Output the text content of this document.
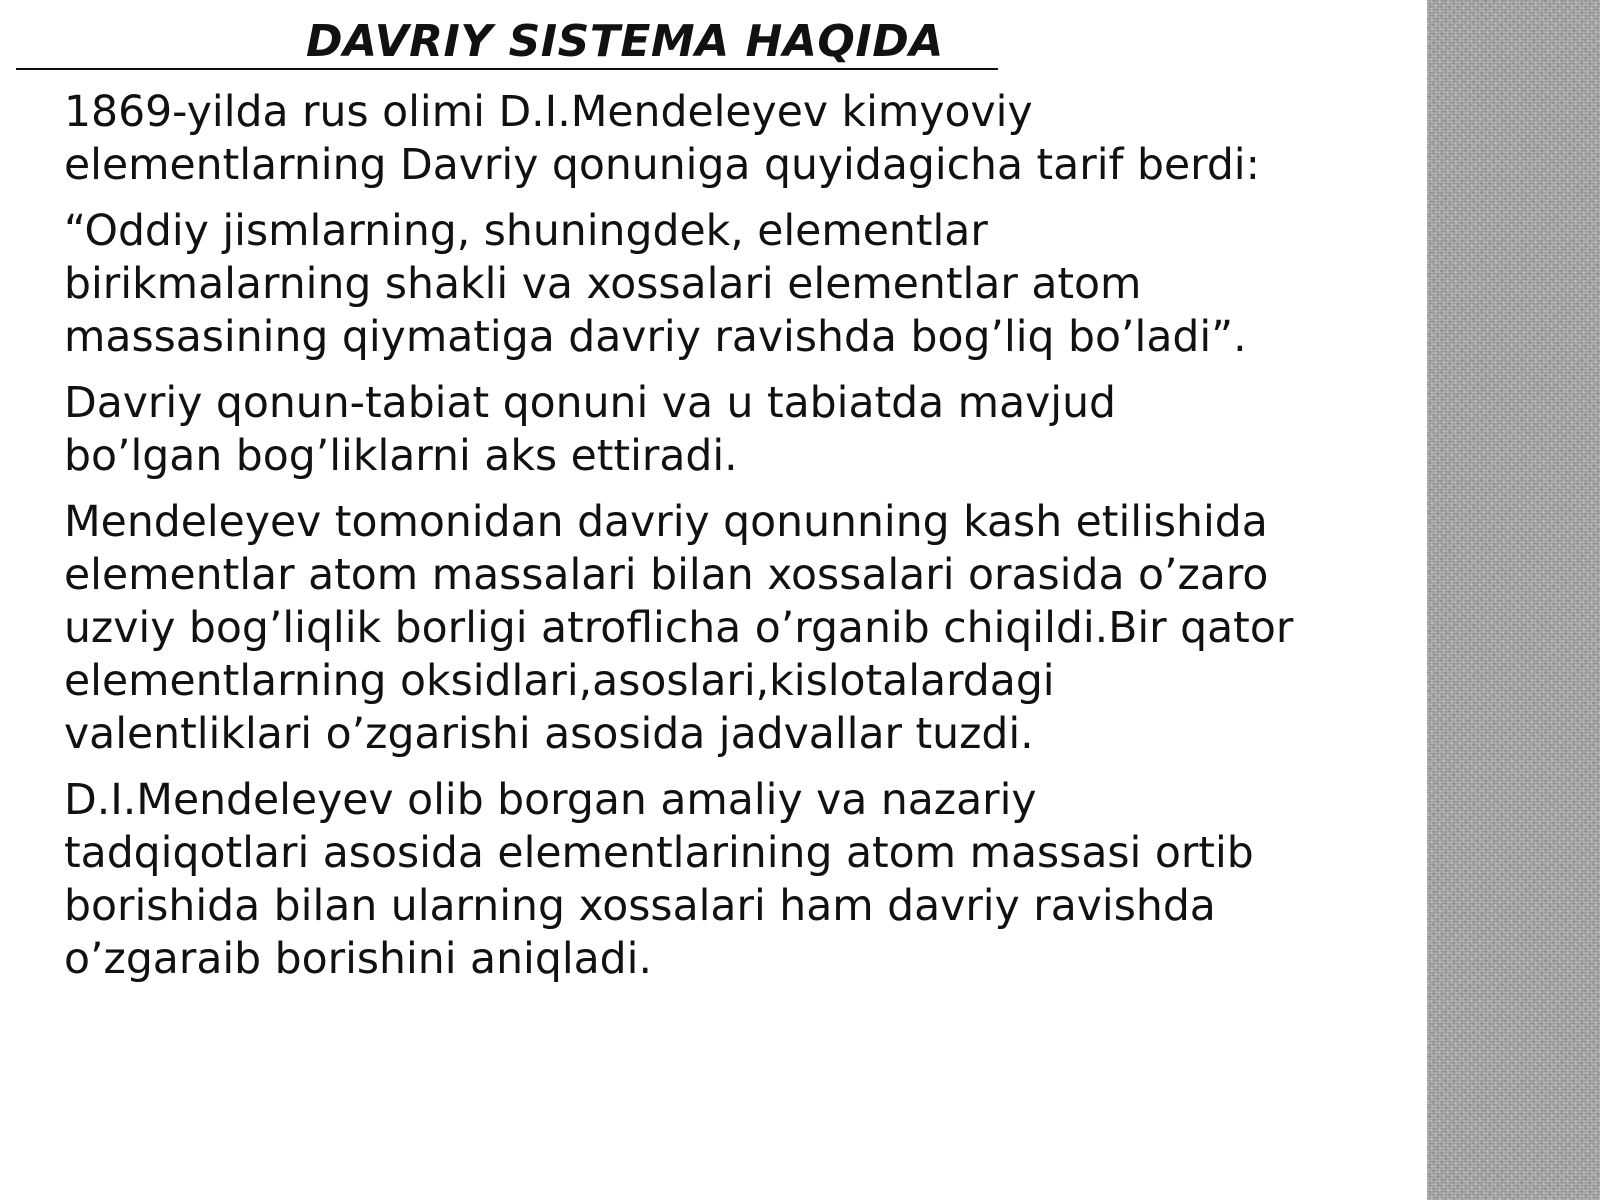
DAVRIY SISTEMA HAQIDA

1869-yilda rus olimi D.I.Mendeleyev kimyoviy
elementlarning Davriy qonuniga quyidagicha tarif berdi:

“Oddiy jismlarning, shuningdek, elementlar
birikmalarning shakli va xossalari elementlar atom
massasining qiymatiga davriy ravishda bog’liq bo’ladi”.

Davriy qonun-tabiat qonuni va u tabiatda mavjud
bo’lgan bog’liklarni aks ettiradi.

Mendeleyev tomonidan davriy qonunning kash etilishida
elementlar atom massalari bilan xossalari orasida o’zaro
uzviy bog’liqlik borligi atroflicha o’rganib chiqildi.Bir qator
elementlarning oksidlari,asoslari,kislotalardagi
valentliklari o’zgarishi asosida jadvallar tuzdi.

D.I.Mendeleyev olib borgan amaliy va nazariy
tadqiqotlari asosida elementlarining atom massasi ortib
borishida bilan ularning xossalari ham davriy ravishda
o’zgaraib borishini aniqladi.
